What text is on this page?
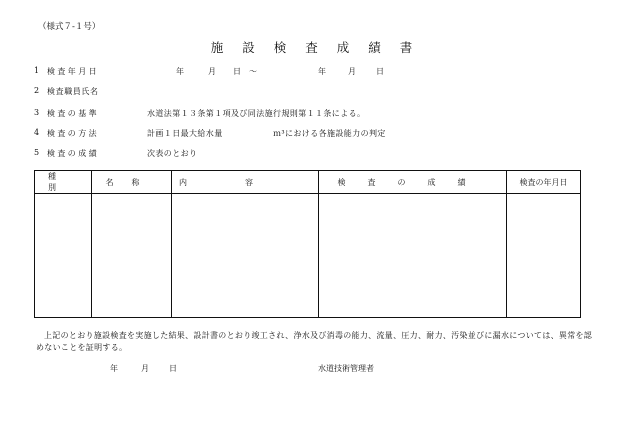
（様式７-１号）
施設検査成績書
1 検査年月日	年	月 日 ～	年	月	日
2 検査職員氏名
3 検査の基準	水道法第１３条第１項及び同法施行規則第１１条による。
4 検査の方法	計画１日最大給水量　　　　　　ｍ³における各施設能力の判定
5 検査の成績	次表のとおり
種別	名称	内容	検査の成績	検査の年月日

上記のとおり施設検査を実施した結果、設計書のとおり竣工され、浄水及び消毒の能力、流量、圧力、耐力、汚染並びに漏水については、異常を認めないことを証明する。

年	月	日	水道技術管理者
